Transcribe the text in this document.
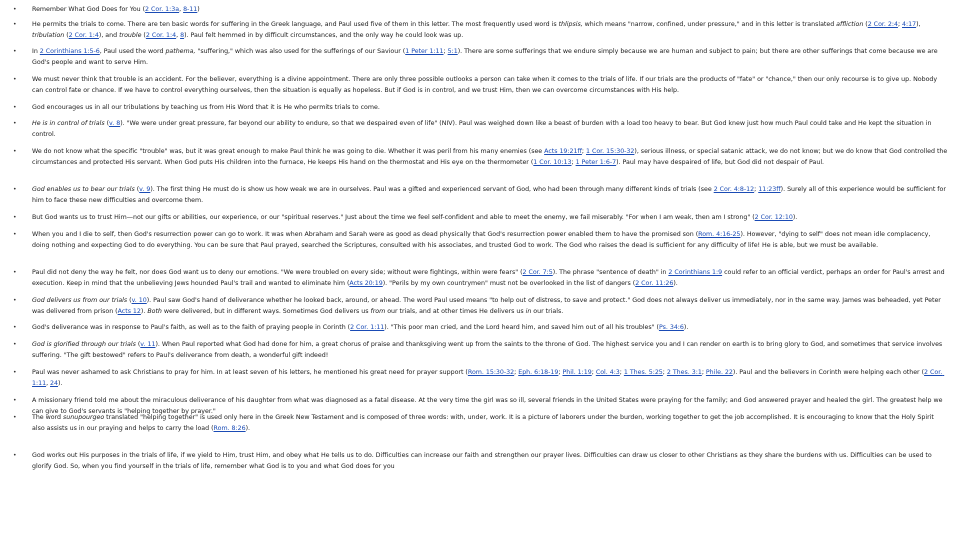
• Remember What God Does for You (2 Cor. 1:3a, 8-11)
• He permits the trials to come. There are ten basic words for suffering in the Greek language, and Paul used five of them in this letter. The most frequently used word is thlipsis, which means "narrow, confined, under pressure," and in this letter is translated affliction (2 Cor. 2:4; 4:17), tribulation (2 Cor. 1:4), and trouble (2 Cor. 1:4, 8). Paul felt hemmed in by difficult circumstances, and the only way he could look was up.
• In 2 Corinthians 1:5-6, Paul used the word pathema, "suffering," which was also used for the sufferings of our Saviour (1 Peter 1:11; 5:1). There are some sufferings that we endure simply because we are human and subject to pain; but there are other sufferings that come because we are God's people and want to serve Him.
• We must never think that trouble is an accident. For the believer, everything is a divine appointment. There are only three possible outlooks a person can take when it comes to the trials of life. If our trials are the products of "fate" or "chance," then our only recourse is to give up. Nobody can control fate or chance. If we have to control everything ourselves, then the situation is equally as hopeless. But if God is in control, and we trust Him, then we can overcome circumstances with His help.
• God encourages us in all our tribulations by teaching us from His Word that it is He who permits trials to come.
• He is in control of trials (v. 8). "We were under great pressure, far beyond our ability to endure, so that we despaired even of life" (NIV). Paul was weighed down like a beast of burden with a load too heavy to bear. But God knew just how much Paul could take and He kept the situation in control.
• We do not know what the specific "trouble" was, but it was great enough to make Paul think he was going to die. Whether it was peril from his many enemies (see Acts 19:21ff; 1 Cor. 15:30-32), serious illness, or special satanic attack, we do not know; but we do know that God controlled the circumstances and protected His servant. When God puts His children into the furnace, He keeps His hand on the thermostat and His eye on the thermometer (1 Cor. 10:13; 1 Peter 1:6-7). Paul may have despaired of life, but God did not despair of Paul.
• God enables us to bear our trials (v. 9). The first thing He must do is show us how weak we are in ourselves. Paul was a gifted and experienced servant of God, who had been through many different kinds of trials (see 2 Cor. 4:8-12; 11:23ff). Surely all of this experience would be sufficient for him to face these new difficulties and overcome them.
• But God wants us to trust Him—not our gifts or abilities, our experience, or our "spiritual reserves." Just about the time we feel self-confident and able to meet the enemy, we fail miserably. "For when I am weak, then am I strong" (2 Cor. 12:10).
• When you and I die to self, then God's resurrection power can go to work. It was when Abraham and Sarah were as good as dead physically that God's resurrection power enabled them to have the promised son (Rom. 4:16-25). However, "dying to self" does not mean idle complacency, doing nothing and expecting God to do everything. You can be sure that Paul prayed, searched the Scriptures, consulted with his associates, and trusted God to work. The God who raises the dead is sufficient for any difficulty of life! He is able, but we must be available.
• Paul did not deny the way he felt, nor does God want us to deny our emotions. "We were troubled on every side; without were fightings, within were fears" (2 Cor. 7:5). The phrase "sentence of death" in 2 Corinthians 1:9 could refer to an official verdict, perhaps an order for Paul's arrest and execution. Keep in mind that the unbelieving Jews hounded Paul's trail and wanted to eliminate him (Acts 20:19). "Perils by my own countrymen" must not be overlooked in the list of dangers (2 Cor. 11:26).
• God delivers us from our trials (v. 10). Paul saw God's hand of deliverance whether he looked back, around, or ahead. The word Paul used means "to help out of distress, to save and protect." God does not always deliver us immediately, nor in the same way. James was beheaded, yet Peter was delivered from prison (Acts 12). Both were delivered, but in different ways. Sometimes God delivers us from our trials, and at other times He delivers us in our trials.
• God's deliverance was in response to Paul's faith, as well as to the faith of praying people in Corinth (2 Cor. 1:11). "This poor man cried, and the Lord heard him, and saved him out of all his troubles" (Ps. 34:6).
• God is glorified through our trials (v. 11). When Paul reported what God had done for him, a great chorus of praise and thanksgiving went up from the saints to the throne of God. The highest service you and I can render on earth is to bring glory to God, and sometimes that service involves suffering. "The gift bestowed" refers to Paul's deliverance from death, a wonderful gift indeed!
• Paul was never ashamed to ask Christians to pray for him. In at least seven of his letters, he mentioned his great need for prayer support (Rom. 15:30-32; Eph. 6:18-19; Phil. 1:19; Col. 4:3; 1 Thes. 5:25; 2 Thes. 3:1; Phile. 22). Paul and the believers in Corinth were helping each other (2 Cor. 1:11, 24).
• A missionary friend told me about the miraculous deliverance of his daughter from what was diagnosed as a fatal disease. At the very time the girl was so ill, several friends in the United States were praying for the family; and God answered prayer and healed the girl. The greatest help we can give to God's servants is "helping together by prayer."
• The word sunupourgeo translated "helping together" is used only here in the Greek New Testament and is composed of three words: with, under, work. It is a picture of laborers under the burden, working together to get the job accomplished. It is encouraging to know that the Holy Spirit also assists us in our praying and helps to carry the load (Rom. 8:26).
• God works out His purposes in the trials of life, if we yield to Him, trust Him, and obey what He tells us to do. Difficulties can increase our faith and strengthen our prayer lives. Difficulties can draw us closer to other Christians as they share the burdens with us. Difficulties can be used to glorify God. So, when you find yourself in the trials of life, remember what God is to you and what God does for you
